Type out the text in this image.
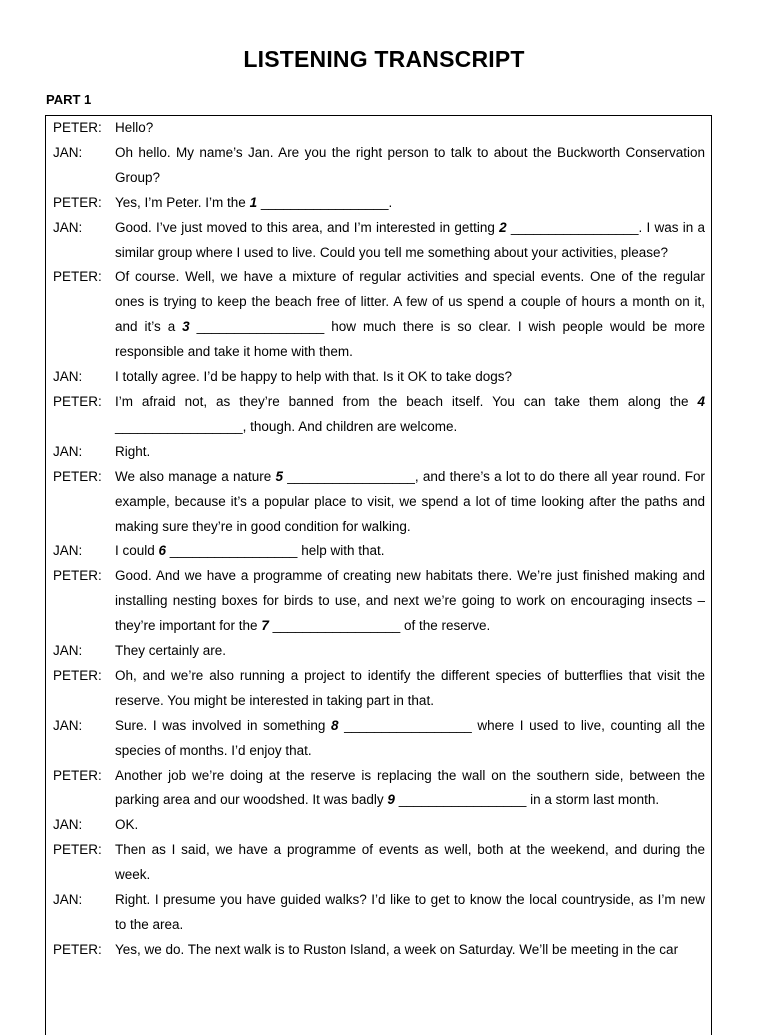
LISTENING TRANSCRIPT
PART 1
PETER: Hello?
JAN:	Oh hello. My name’s Jan. Are you the right person to talk to about the Buckworth Conservation Group?
PETER: Yes, I’m Peter. I’m the 1 _________________.
JAN:	Good. I’ve just moved to this area, and I’m interested in getting 2 _________________. I was in a similar group where I used to live. Could you tell me something about your activities, please?
PETER: Of course. Well, we have a mixture of regular activities and special events. One of the regular ones is trying to keep the beach free of litter. A few of us spend a couple of hours a month on it, and it’s a 3 _________________ how much there is so clear. I wish people would be more responsible and take it home with them.
JAN:	I totally agree. I’d be happy to help with that. Is it OK to take dogs?
PETER: I’m afraid not, as they’re banned from the beach itself. You can take them along the 4 _________________, though. And children are welcome.
JAN:	Right.
PETER: We also manage a nature 5 _________________, and there’s a lot to do there all year round. For example, because it’s a popular place to visit, we spend a lot of time looking after the paths and making sure they’re in good condition for walking.
JAN:	I could 6 _________________ help with that.
PETER: Good. And we have a programme of creating new habitats there. We’re just finished making and installing nesting boxes for birds to use, and next we’re going to work on encouraging insects – they’re important for the 7 _________________ of the reserve.
JAN:	They certainly are.
PETER: Oh, and we’re also running a project to identify the different species of butterflies that visit the reserve. You might be interested in taking part in that.
JAN:	Sure. I was involved in something 8 _________________ where I used to live, counting all the species of months. I’d enjoy that.
PETER: Another job we’re doing at the reserve is replacing the wall on the southern side, between the parking area and our woodshed. It was badly 9 _________________ in a storm last month.
JAN:	OK.
PETER: Then as I said, we have a programme of events as well, both at the weekend, and during the week.
JAN:	Right. I presume you have guided walks? I’d like to get to know the local countryside, as I’m new to the area.
PETER: Yes, we do. The next walk is to Ruston Island, a week on Saturday. We’ll be meeting in the car
